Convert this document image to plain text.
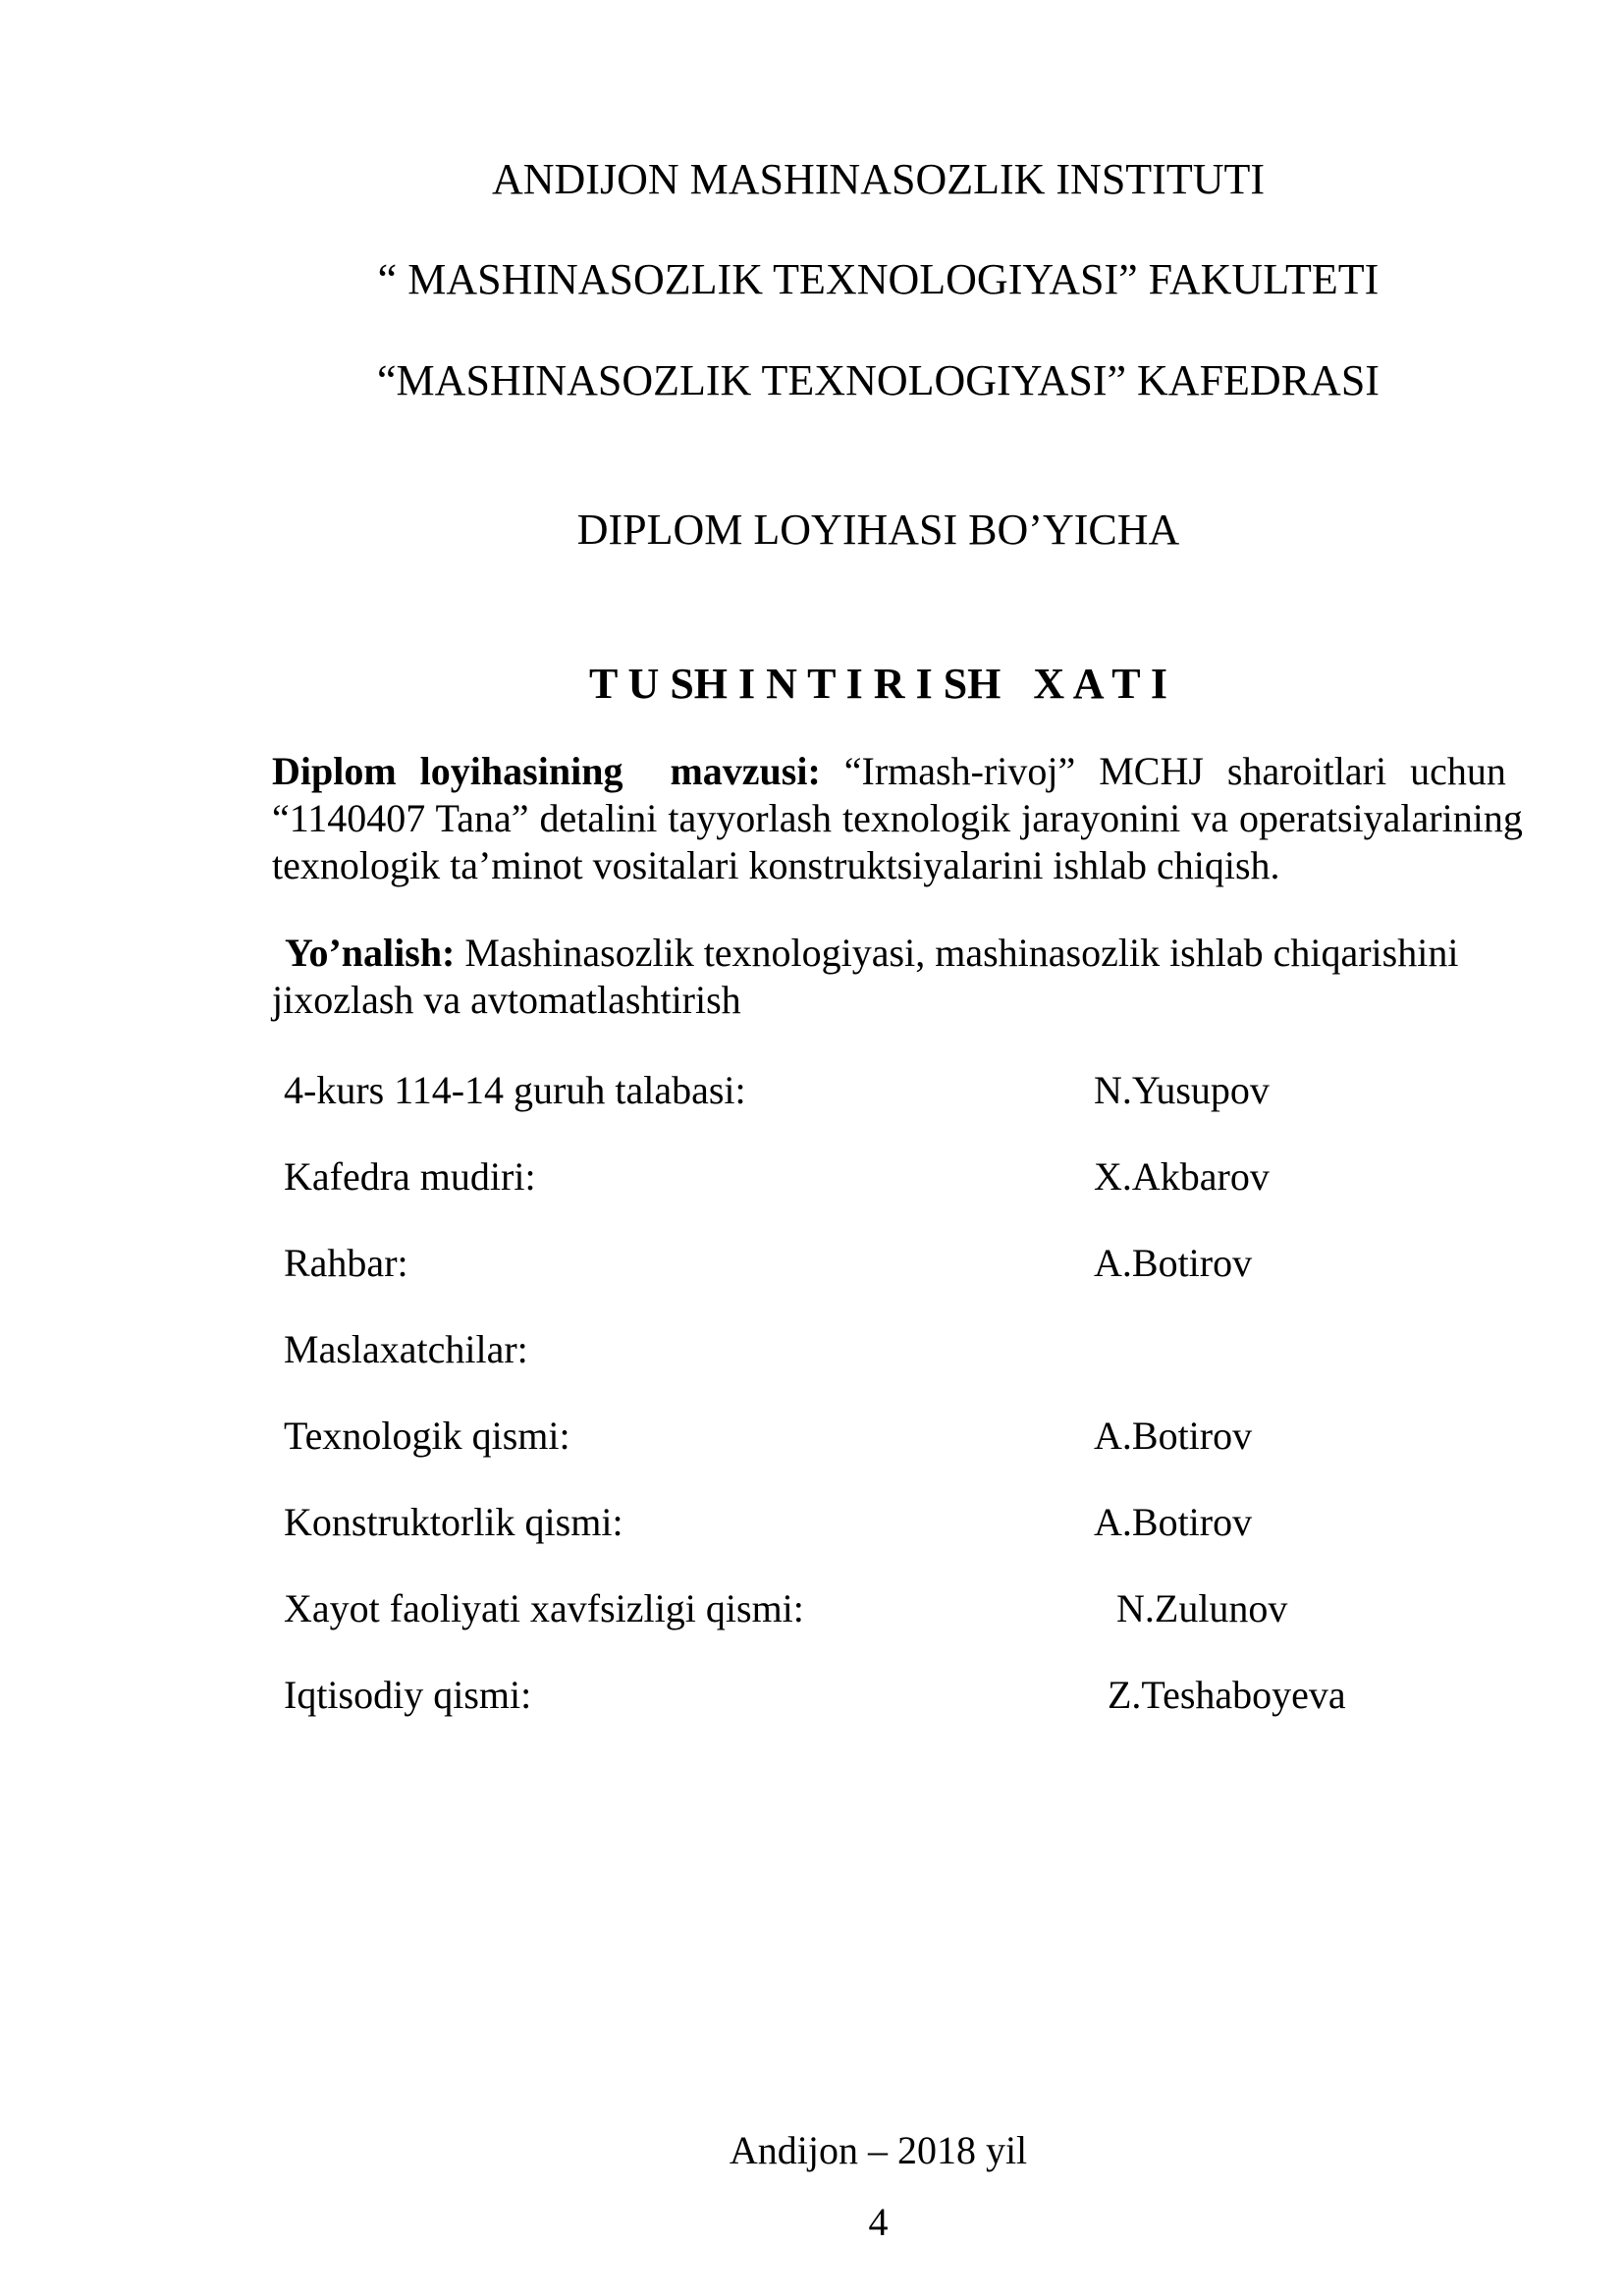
ANDIJON MASHINASOZLIK INSTITUTI
“ MASHINASOZLIK TEXNOLOGIYASI” FAKULTETI
“MASHINASOZLIK TEXNOLOGIYASI” KAFEDRASI
DIPLOM LOYIHASI BO’YICHA
T U SH I N T I R I SH   X A T I
Diplom loyihasining  mavzusi: “Irmash-rivoj” MCHJ sharoitlari uchun
“1140407 Tana” detalini tayyorlash texnologik jarayonini va operatsiyalarining
texnologik ta’minot vositalari konstruktsiyalarini ishlab chiqish.
Yo’nalish: Mashinasozlik texnologiyasi, mashinasozlik ishlab chiqarishini
jixozlash va avtomatlashtirish
4-kurs 114-14 guruh talabasi:	N.Yusupov
Kafedra mudiri:	X.Akbarov
Rahbar:	A.Botirov
Maslaxatchilar:
Texnologik qismi:	A.Botirov
Konstruktorlik qismi:	A.Botirov
Xayot faoliyati xavfsizligi qismi:	N.Zulunov
Iqtisodiy qismi:	Z.Teshaboyeva
Andijon – 2018 yil
4
